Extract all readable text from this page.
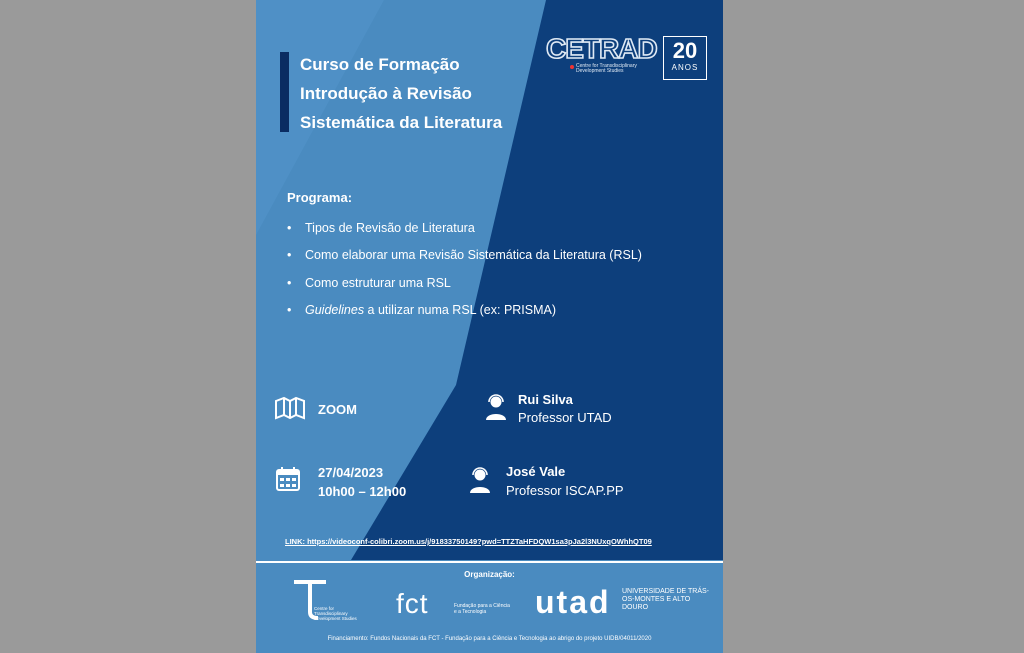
Curso de Formação
Introdução à Revisão
Sistemática da Literatura
CETRAD
Centre for Transdisciplinary Development Studies
20
ANOS
Programa:
• Tipos de Revisão de Literatura
• Como elaborar uma Revisão Sistemática da Literatura (RSL)
• Como estruturar uma RSL
• Guidelines a utilizar numa RSL (ex: PRISMA)
ZOOM
27/04/2023
10h00 – 12h00
Rui Silva
Professor UTAD
José Vale
Professor ISCAP.PP
LINK: https://videoconf-colibri.zoom.us/j/91833750149?pwd=TTZTaHFDQW1sa3pJa2l3NUxqOWhhQT09
Organização:
Centre for Transdisciplinary Development Studies fct	Fundação para a Ciência e a Tecnologia	utad UNIVERSIDADE DE TRÁS-OS-MONTES E ALTO DOURO
Financiamento: Fundos Nacionais da FCT - Fundação para a Ciência e Tecnologia ao abrigo do projeto UIDB/04011/2020
